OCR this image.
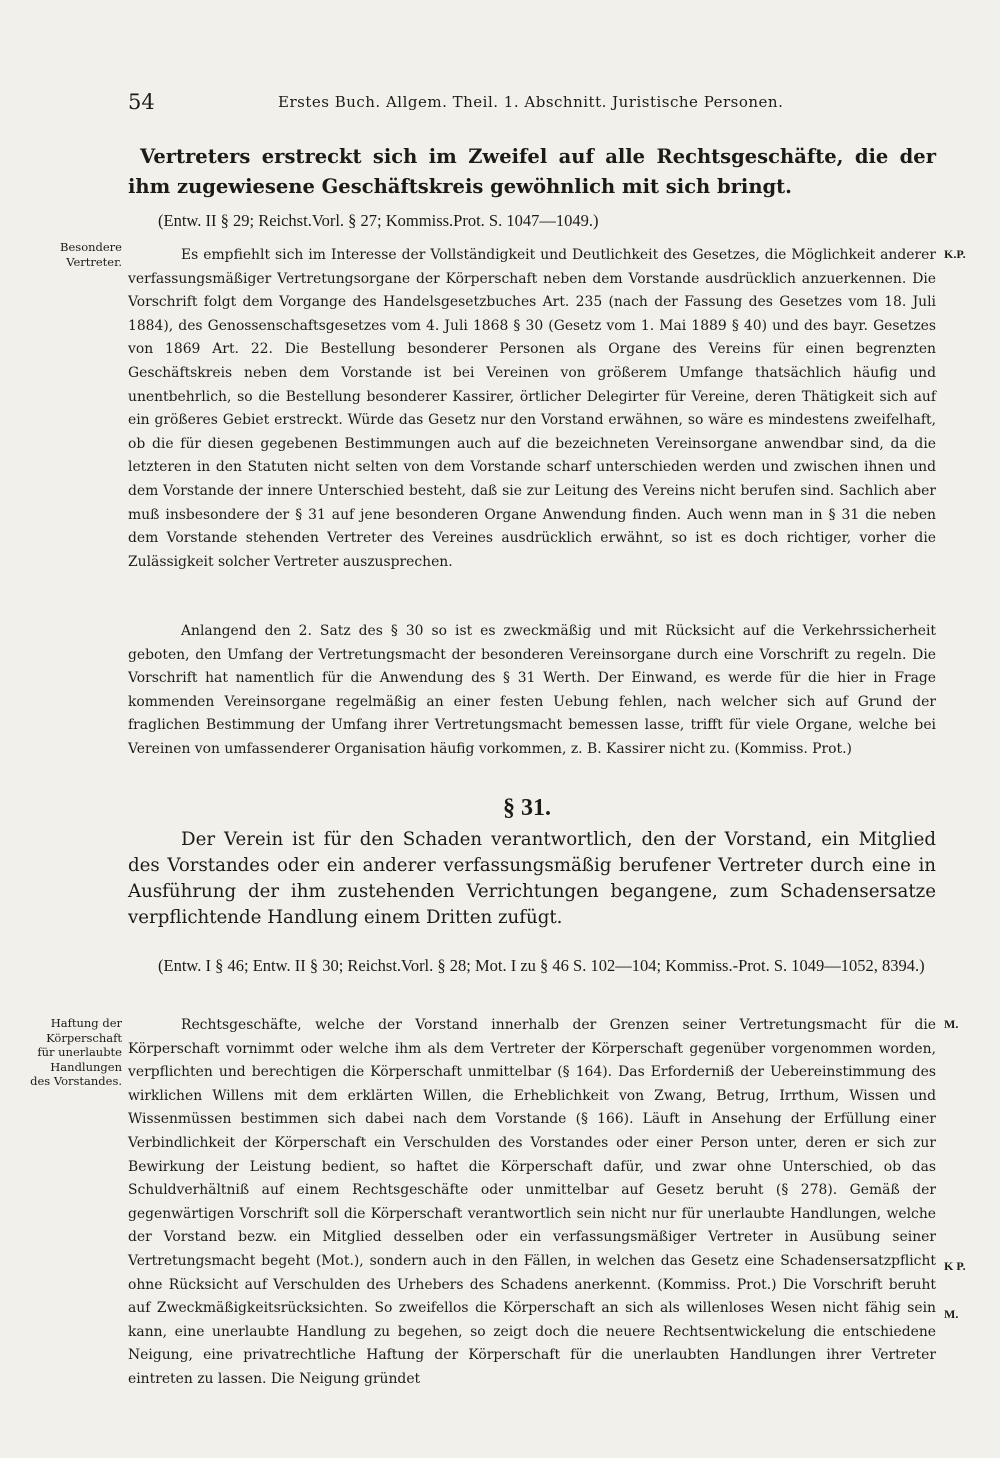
54	Erstes Buch. Allgem. Theil. 1. Abschnitt. Juristische Personen.

Vertreters erstreckt sich im Zweifel auf alle Rechtsgeschäfte, die der ihm zugewiesene Geschäftskreis gewöhnlich mit sich bringt.

(Entw. II § 29; Reichst.Vorl. § 27; Kommiss.Prot. S. 1047—1049.)

Besondere Vertreter.
K.P.

Es empfiehlt sich im Interesse der Vollständigkeit und Deutlichkeit des Gesetzes, die Möglichkeit anderer verfassungsmäßiger Vertretungsorgane der Körperschaft neben dem Vorstande ausdrücklich anzuerkennen. Die Vorschrift folgt dem Vorgange des Handelsgesetzbuches Art. 235 (nach der Fassung des Gesetzes vom 18. Juli 1884), des Genossenschaftsgesetzes vom 4. Juli 1868 § 30 (Gesetz vom 1. Mai 1889 § 40) und des bayr. Gesetzes von 1869 Art. 22. Die Bestellung besonderer Personen als Organe des Vereins für einen begrenzten Geschäftskreis neben dem Vorstande ist bei Vereinen von größerem Umfange thatsächlich häufig und unentbehrlich, so die Bestellung besonderer Kassirer, örtlicher Delegirter für Vereine, deren Thätigkeit sich auf ein größeres Gebiet erstreckt. Würde das Gesetz nur den Vorstand erwähnen, so wäre es mindestens zweifelhaft, ob die für diesen gegebenen Bestimmungen auch auf die bezeichneten Vereinsorgane anwendbar sind, da die letzteren in den Statuten nicht selten von dem Vorstande scharf unterschieden werden und zwischen ihnen und dem Vorstande der innere Unterschied besteht, daß sie zur Leitung des Vereins nicht berufen sind. Sachlich aber muß insbesondere der § 31 auf jene besonderen Organe Anwendung finden. Auch wenn man in § 31 die neben dem Vorstande stehenden Vertreter des Vereines ausdrücklich erwähnt, so ist es doch richtiger, vorher die Zulässigkeit solcher Vertreter auszusprechen.

Anlangend den 2. Satz des § 30 so ist es zweckmäßig und mit Rücksicht auf die Verkehrssicherheit geboten, den Umfang der Vertretungsmacht der besonderen Vereinsorgane durch eine Vorschrift zu regeln. Die Vorschrift hat namentlich für die Anwendung des § 31 Werth. Der Einwand, es werde für die hier in Frage kommenden Vereinsorgane regelmäßig an einer festen Uebung fehlen, nach welcher sich auf Grund der fraglichen Bestimmung der Umfang ihrer Vertretungsmacht bemessen lasse, trifft für viele Organe, welche bei Vereinen von umfassenderer Organisation häufig vorkommen, z. B. Kassirer nicht zu. (Kommiss. Prot.)

§ 31.

Der Verein ist für den Schaden verantwortlich, den der Vorstand, ein Mitglied des Vorstandes oder ein anderer verfassungsmäßig berufener Vertreter durch eine in Ausführung der ihm zustehenden Verrichtungen begangene, zum Schadensersatze verpflichtende Handlung einem Dritten zufügt.

(Entw. I § 46; Entw. II § 30; Reichst.Vorl. § 28; Mot. I zu § 46 S. 102—104; Kommiss.-Prot. S. 1049—1052, 8394.)

Haftung der Körperschaft für unerlaubte Handlungen des Vorstandes.
M.
K P.
M.

Rechtsgeschäfte, welche der Vorstand innerhalb der Grenzen seiner Vertretungsmacht für die Körperschaft vornimmt oder welche ihm als dem Vertreter der Körperschaft gegenüber vorgenommen worden, verpflichten und berechtigen die Körperschaft unmittelbar (§ 164). Das Erforderniß der Uebereinstimmung des wirklichen Willens mit dem erklärten Willen, die Erheblichkeit von Zwang, Betrug, Irrthum, Wissen und Wissenmüssen bestimmen sich dabei nach dem Vorstande (§ 166). Läuft in Ansehung der Erfüllung einer Verbindlichkeit der Körperschaft ein Verschulden des Vorstandes oder einer Person unter, deren er sich zur Bewirkung der Leistung bedient, so haftet die Körperschaft dafür, und zwar ohne Unterschied, ob das Schuldverhältniß auf einem Rechtsgeschäfte oder unmittelbar auf Gesetz beruht (§ 278). Gemäß der gegenwärtigen Vorschrift soll die Körperschaft verantwortlich sein nicht nur für unerlaubte Handlungen, welche der Vorstand bezw. ein Mitglied desselben oder ein verfassungsmäßiger Vertreter in Ausübung seiner Vertretungsmacht begeht (Mot.), sondern auch in den Fällen, in welchen das Gesetz eine Schadensersatzpflicht ohne Rücksicht auf Verschulden des Urhebers des Schadens anerkennt. (Kommiss. Prot.) Die Vorschrift beruht auf Zweckmäßigkeitsrücksichten. So zweifellos die Körperschaft an sich als willenloses Wesen nicht fähig sein kann, eine unerlaubte Handlung zu begehen, so zeigt doch die neuere Rechtsentwickelung die entschiedene Neigung, eine privatrechtliche Haftung der Körperschaft für die unerlaubten Handlungen ihrer Vertreter eintreten zu lassen. Die Neigung gründet
